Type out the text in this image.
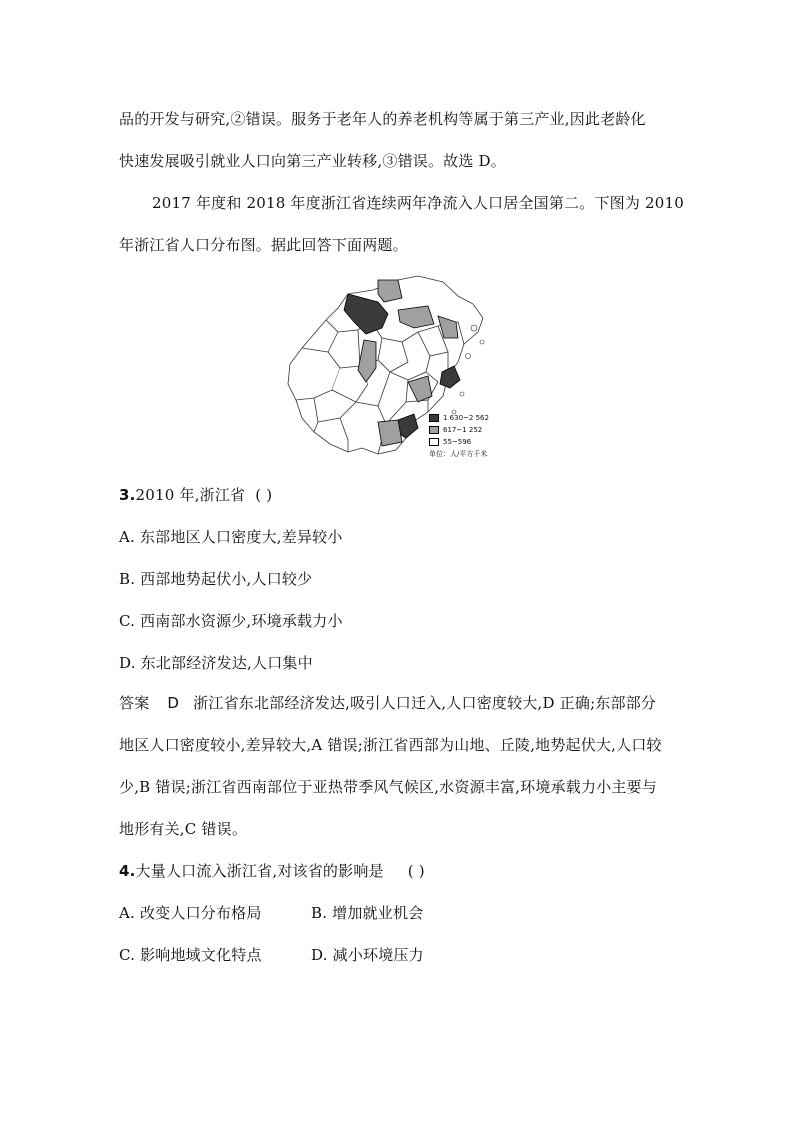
品的开发与研究,②错误。服务于老年人的养老机构等属于第三产业,因此老龄化
快速发展吸引就业人口向第三产业转移,③错误。故选 D。
2017 年度和 2018 年度浙江省连续两年净流入人口居全国第二。下图为 2010
年浙江省人口分布图。据此回答下面两题。
1 630~2 562
617~1 252
55~596
单位：人/平方千米
3.2010 年,浙江省 ( )
A. 东部地区人口密度大,差异较小
B. 西部地势起伏小,人口较少
C. 西南部水资源少,环境承载力小
D. 东北部经济发达,人口集中
答案 D 浙江省东北部经济发达,吸引人口迁入,人口密度较大,D 正确;东部部分
地区人口密度较小,差异较大,A 错误;浙江省西部为山地、丘陵,地势起伏大,人口较
少,B 错误;浙江省西南部位于亚热带季风气候区,水资源丰富,环境承载力小主要与
地形有关,C 错误。
4.大量人口流入浙江省,对该省的影响是 ( )
A. 改变人口分布格局	B. 增加就业机会
C. 影响地域文化特点	D. 减小环境压力
